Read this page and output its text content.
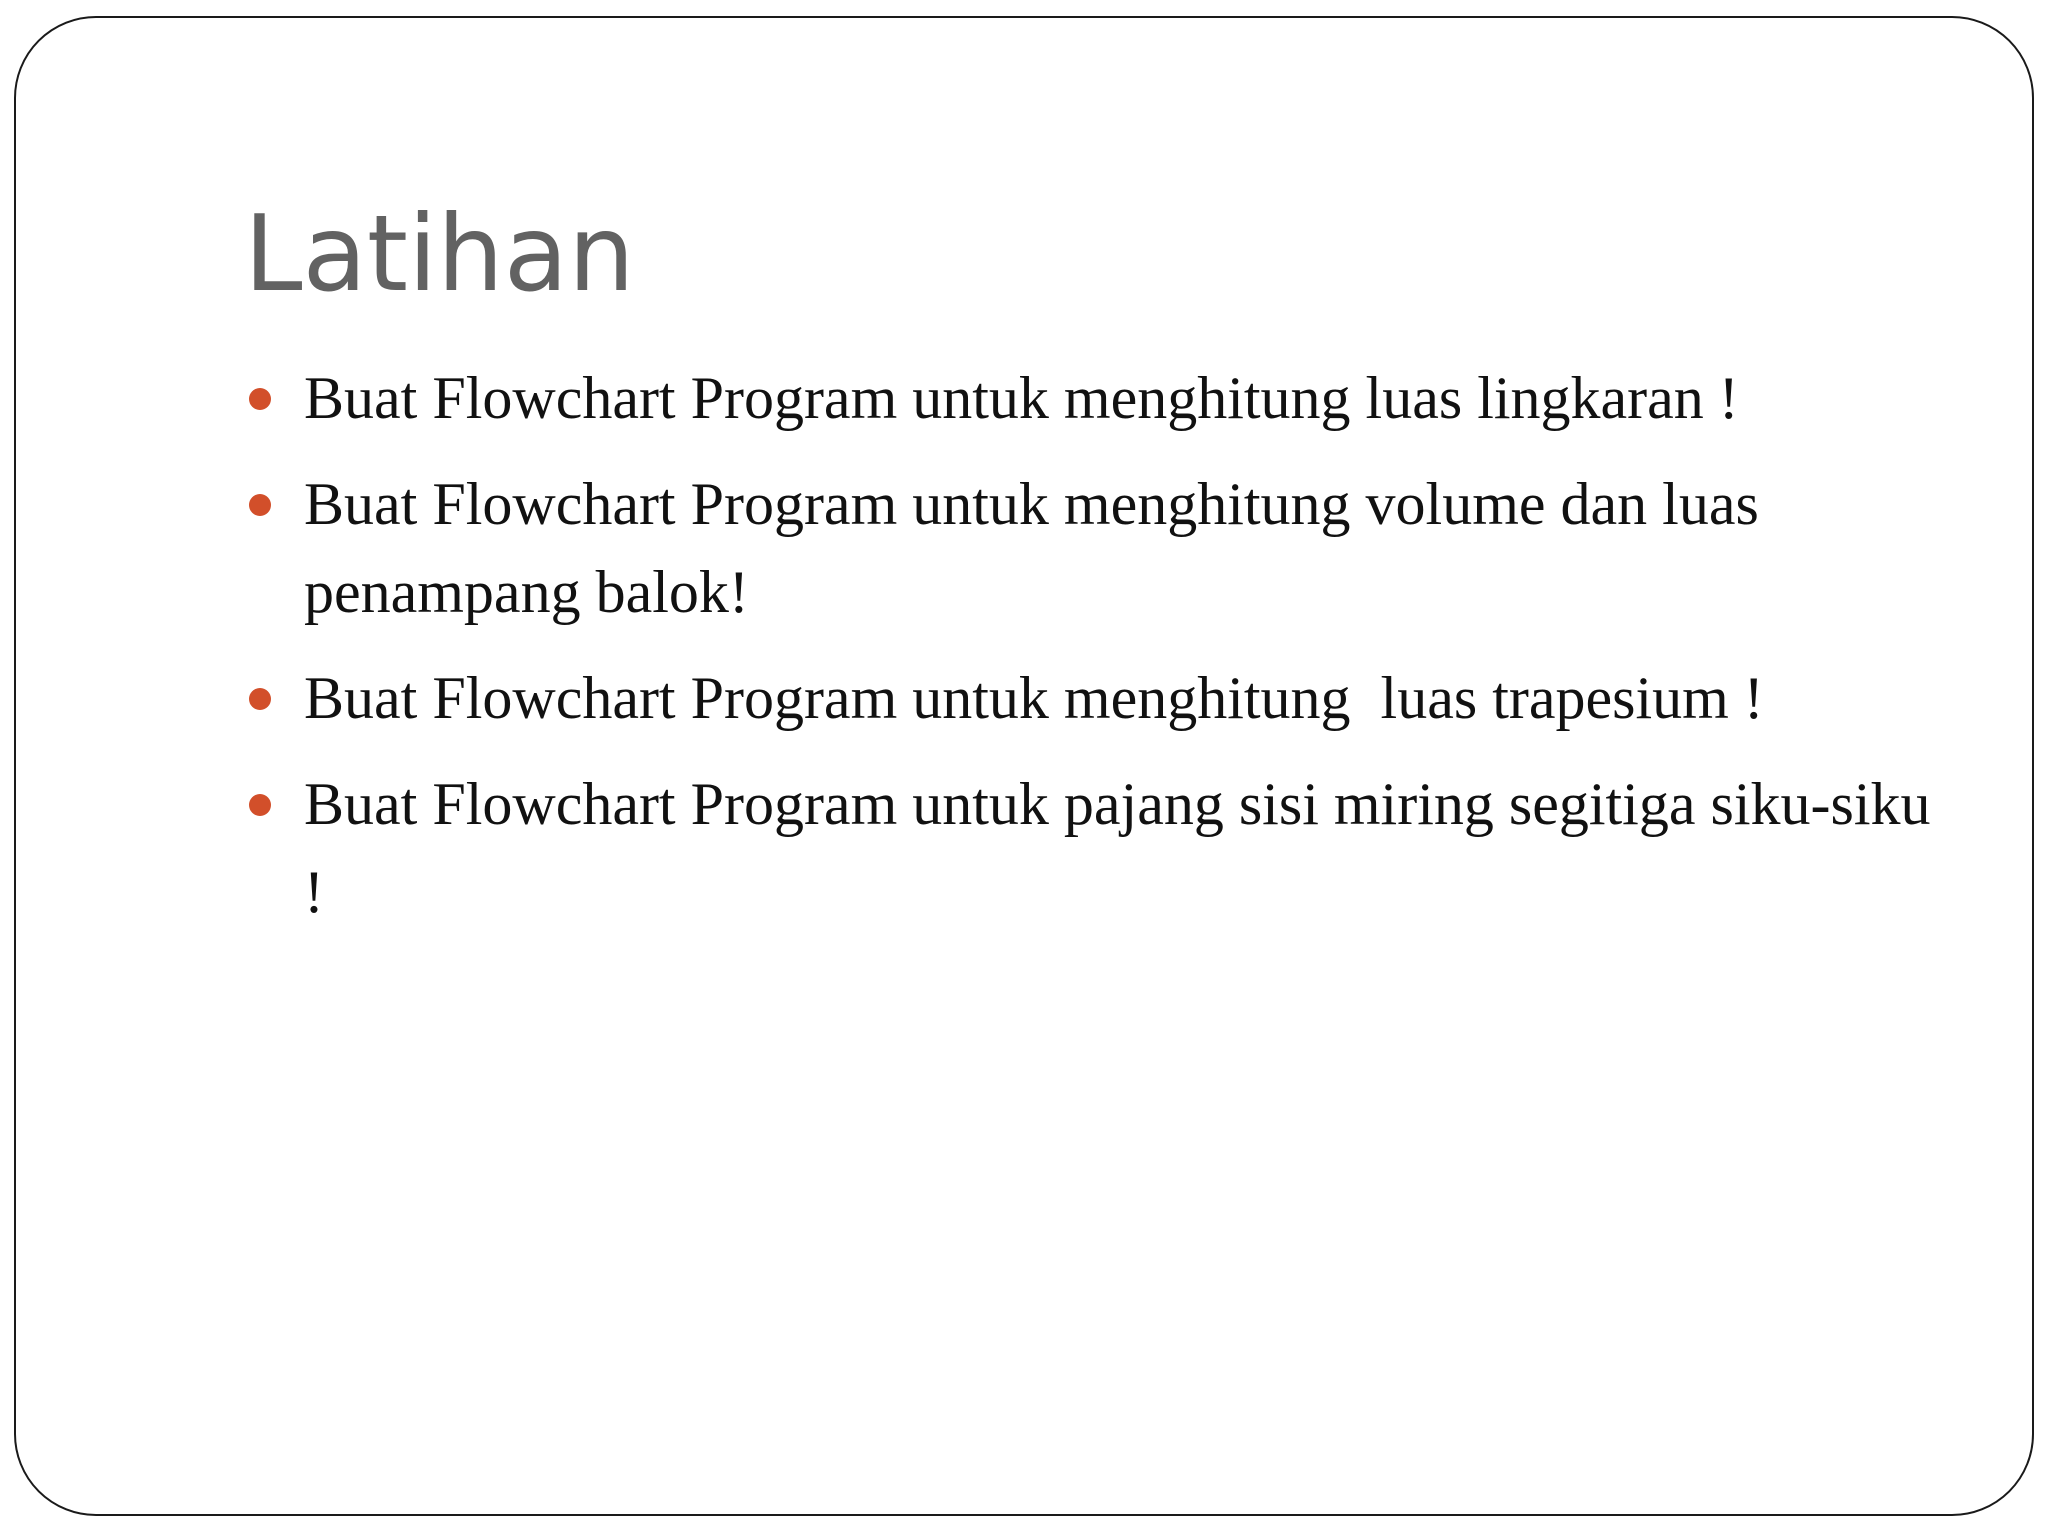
Latihan
Buat Flowchart Program untuk menghitung luas lingkaran !
Buat Flowchart Program untuk menghitung volume dan luas penampang balok!
Buat Flowchart Program untuk menghitung  luas trapesium !
Buat Flowchart Program untuk pajang sisi miring segitiga siku-siku !
